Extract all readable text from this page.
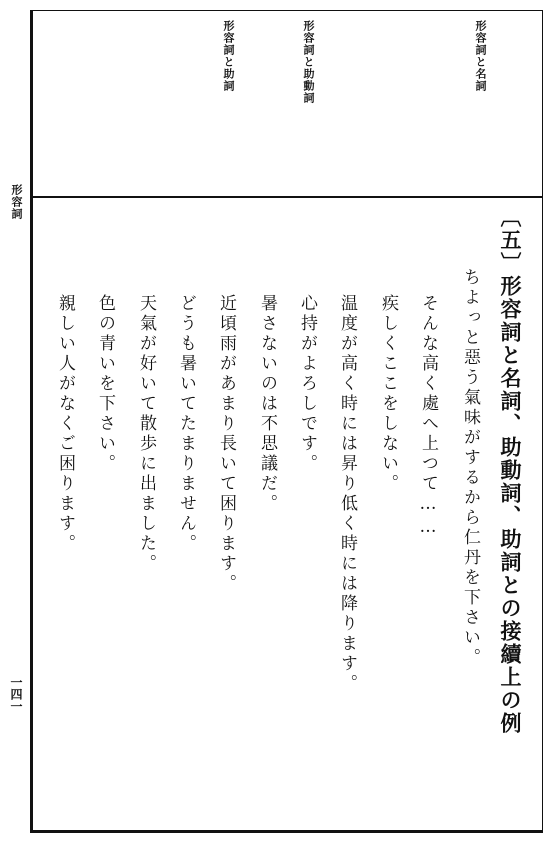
形容詞と名詞
形容詞と助動詞
形容詞と助詞
形容詞
一四一
〔五〕形容詞と名詞、助動詞、助詞との接續上の例
ちよっと惡う氣味がするから仁丹を下さい。
そんな高く處へ上つて……
疾しくここをしない。
温度が高く時には昇り低く時には降ります。
心持がよろしです。
暑さないのは不思議だ。
近頃雨があまり長いて困ります。
どうも暑いてたまりません。
天氣が好いて散歩に出ました。
色の青いを下さい。
親しい人がなくご困ります。
